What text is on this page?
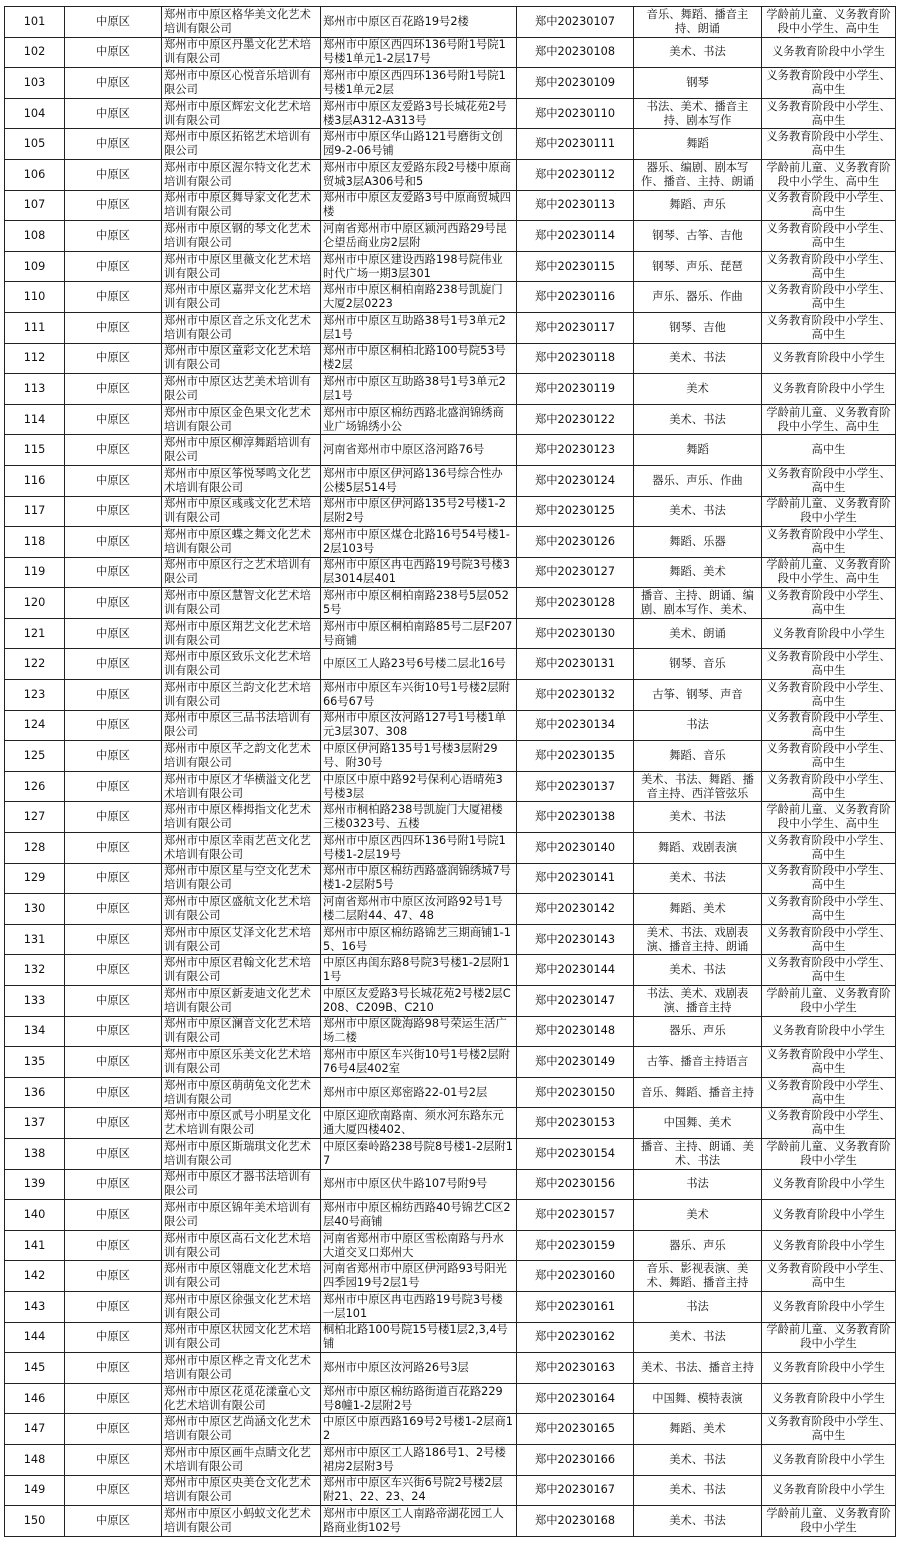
101	中原区	郑州市中原区格华美文化艺术培训有限公司	郑州市中原区百花路19号2楼	郑中20230107	音乐、舞蹈、播音主持、朗诵	学龄前儿童、义务教育阶段中小学生、高中生

102	中原区	郑州市中原区丹墨文化艺术培训有限公司	郑州市中原区西四环136号附1号院1号楼1单元1-2层17号	郑中20230108	美术、书法	义务教育阶段中小学生

103	中原区	郑州市中原区心悦音乐培训有限公司	郑州市中原区西四环136号附1号院1号楼1单元2层	郑中20230109	钢琴	义务教育阶段中小学生、高中生

104	中原区	郑州市中原区辉宏文化艺术培训有限公司	郑州市中原区友爱路3号长城花苑2号楼3层A312-A313号	郑中20230110	书法、美术、播音主持、剧本写作	义务教育阶段中小学生、高中生

105	中原区	郑州市中原区拓铭艺术培训有限公司	郑州市中原区华山路121号磨街文创园9-2-06号铺	郑中20230111	舞蹈	义务教育阶段中小学生、高中生

106	中原区	郑州市中原区渥尔特文化艺术培训有限公司	郑州市中原区友爱路东段2号楼中原商贸城3层A306号和5	郑中20230112	器乐、编剧、剧本写作、播音、主持、朗诵	学龄前儿童、义务教育阶段中小学生、高中生

107	中原区	郑州市中原区舞导家文化艺术培训有限公司	郑州市中原区友爱路3号中原商贸城四楼	郑中20230113	舞蹈、声乐	义务教育阶段中小学生、高中生

108	中原区	郑州市中原区钢的琴文化艺术培训有限公司	河南省郑州市中原区颍河西路29号昆仑望岳商业房2层附	郑中20230114	钢琴、古筝、吉他	义务教育阶段中小学生、高中生

109	中原区	郑州市中原区里薇文化艺术培训有限公司	郑州市中原区建设西路198号院伟业时代广场一期3层301	郑中20230115	钢琴、声乐、琵琶	义务教育阶段中小学生、高中生

110	中原区	郑州市中原区嘉羿文化艺术培训有限公司	郑州市中原区桐柏南路238号凯旋门大厦2层0223	郑中20230116	声乐、器乐、作曲	义务教育阶段中小学生、高中生

111	中原区	郑州市中原区音之乐文化艺术培训有限公司	郑州市中原区互助路38号1号3单元2层1号	郑中20230117	钢琴、吉他	义务教育阶段中小学生、高中生

112	中原区	郑州市中原区童彩文化艺术培训有限公司	郑州市中原区桐柏北路100号院53号楼2层	郑中20230118	美术、书法	义务教育阶段中小学生

113	中原区	郑州市中原区达艺美术培训有限公司	郑州市中原区互助路38号1号3单元2层1号	郑中20230119	美术	义务教育阶段中小学生

114	中原区	郑州市中原区金色果文化艺术培训有限公司	郑州市中原区棉纺西路北盛润锦绣商业广场锦绣小公	郑中20230122	美术、书法	学龄前儿童、义务教育阶段中小学生、高中生

115	中原区	郑州市中原区柳淳舞蹈培训有限公司	河南省郑州市中原区洛河路76号	郑中20230123	舞蹈	高中生

116	中原区	郑州市中原区筝悦琴鸣文化艺术培训有限公司	郑州市中原区伊河路136号综合性办公楼5层514号	郑中20230124	器乐、声乐、作曲	义务教育阶段中小学生、高中生

117	中原区	郑州市中原区彧彧文化艺术培训有限公司	郑州市中原区伊河路135号2号楼1-2层附2号	郑中20230125	美术、书法	学龄前儿童、义务教育阶段中小学生

118	中原区	郑州市中原区蝶之舞文化艺术培训有限公司	郑州市中原区煤仓北路16号54号楼1-2层103号	郑中20230126	舞蹈、乐器	义务教育阶段中小学生、高中生

119	中原区	郑州市中原区行之艺术培训有限公司	郑州市中原区冉屯西路19号院3号楼3层3014层401	郑中20230127	舞蹈、美术	学龄前儿童、义务教育阶段中小学生、高中生

120	中原区	郑州市中原区慧智文化艺术培训有限公司	郑州市中原区桐柏南路238号5层0525号	郑中20230128	播音、主持、朗诵、编剧、剧本写作、美术、	义务教育阶段中小学生、高中生

121	中原区	郑州市中原区翔艺文化艺术培训有限公司	郑州市中原区桐柏南路85号二层F207号商铺	郑中20230130	美术、朗诵	义务教育阶段中小学生

122	中原区	郑州市中原区致乐文化艺术培训有限公司	中原区工人路23号6号楼二层北16号	郑中20230131	钢琴、音乐	义务教育阶段中小学生、高中生

123	中原区	郑州市中原区兰韵文化艺术培训有限公司	郑州市中原区车兴街10号1号楼2层附66号67号	郑中20230132	古筝、钢琴、声音	义务教育阶段中小学生、高中生

124	中原区	郑州市中原区三品书法培训有限公司	郑州市中原区汝河路127号1号楼1单元3层307、308	郑中20230134	书法	义务教育阶段中小学生、高中生

125	中原区	郑州市中原区芊之韵文化艺术培训有限公司	中原区伊河路135号1号楼3层附29号、附30号	郑中20230135	舞蹈、音乐	义务教育阶段中小学生、高中生

126	中原区	郑州市中原区才华横溢文化艺术培训有限公司	中原区中原中路92号保利心语晴苑3号楼3层	郑中20230137	美术、书法、舞蹈、播音主持、西洋管弦乐	义务教育阶段中小学生、高中生

127	中原区	郑州市中原区棒拇指文化艺术培训有限公司	郑州市桐柏路238号凯旋门大厦裙楼三楼0323号、五楼	郑中20230138	美术、书法	学龄前儿童、义务教育阶段中小学生、高中生

128	中原区	郑州市中原区幸雨艺芭文化艺术培训有限公司	郑州市中原区西四环136号附1号院1号楼1-2层19号	郑中20230140	舞蹈、戏剧表演	义务教育阶段中小学生、高中生

129	中原区	郑州市中原区星与空文化艺术培训有限公司	郑州市中原区棉纺西路盛润锦绣城7号楼1-2层附5号	郑中20230141	美术、书法	义务教育阶段中小学生、高中生

130	中原区	郑州市中原区盛航文化艺术培训有限公司	河南省郑州市中原区汝河路92号1号楼二层附44、47、48	郑中20230142	舞蹈、美术	义务教育阶段中小学生、高中生

131	中原区	郑州市中原区艾泽文化艺术培训有限公司	郑州市中原区棉纺路锦艺三期商铺1-15、16号	郑中20230143	美术、书法、戏剧表演、播音主持、朗诵	义务教育阶段中小学生、高中生

132	中原区	郑州市中原区君翰文化艺术培训有限公司	中原区冉闺东路8号院3号楼1-2层附11号	郑中20230144	美术、书法	义务教育阶段中小学生、高中生

133	中原区	郑州市中原区新麦迪文化艺术培训有限公司	中原区友爱路3号长城花苑2号楼2层C208、C209B、C210	郑中20230147	书法、美术、戏剧表演、播音主持	学龄前儿童、义务教育阶段中小学生

134	中原区	郑州市中原区澜音文化艺术培训有限公司	郑州市中原区陇海路98号荣运生活广场二楼	郑中20230148	器乐、声乐	义务教育阶段中小学生

135	中原区	郑州市中原区乐美文化艺术培训有限公司	郑州市中原区车兴街10号1号楼2层附76号4层402室	郑中20230149	古筝、播音主持语言	义务教育阶段中小学生、高中生

136	中原区	郑州市中原区萌萌兔文化艺术培训有限公司	郑州市中原区郑密路22-01号2层	郑中20230150	音乐、舞蹈、播音主持	义务教育阶段中小学生、高中生

137	中原区	郑州市中原区贰号小明星文化艺术培训有限公司	中原区迎欣南路南、须水河东路东元通大厦四楼402、	郑中20230153	中国舞、美术	义务教育阶段中小学生、高中生

138	中原区	郑州市中原区斯瑞琪文化艺术培训有限公司	中原区秦岭路238号院8号楼1-2层附17	郑中20230154	播音、主持、朗诵、美术、书法	学龄前儿童、义务教育阶段中小学生

139	中原区	郑州市中原区才器书法培训有限公司	郑州市中原区伏牛路107号附9号	郑中20230156	书法	义务教育阶段中小学生

140	中原区	郑州市中原区锦年美术培训有限公司	郑州市中原区棉纺西路40号锦艺C区2层40号商铺	郑中20230157	美术	义务教育阶段中小学生

141	中原区	郑州市中原区高石文化艺术培训有限公司	河南省郑州市中原区雪松南路与丹水大道交叉口郑州大	郑中20230159	器乐、声乐	义务教育阶段中小学生

142	中原区	郑州市中原区翎鹿文化艺术培训有限公司	河南省郑州市中原区伊河路93号阳光四季园19号2层1号	郑中20230160	音乐、影视表演、美术、舞蹈、播音主持	义务教育阶段中小学生、高中生

143	中原区	郑州市中原区徐强文化艺术培训有限公司	郑州市中原区冉屯西路19号院3号楼一层101	郑中20230161	书法	义务教育阶段中小学生

144	中原区	郑州市中原区状园文化艺术培训有限公司	桐柏北路100号院15号楼1层2,3,4号铺	郑中20230162	美术、书法	学龄前儿童、义务教育阶段中小学生

145	中原区	郑州市中原区桦之青文化艺术培训有限公司	郑州市中原区汝河路26号3层	郑中20230163	美术、书法、播音主持	义务教育阶段中小学生

146	中原区	郑州市中原区花觅花漾童心文化艺术培训有限公司	郑州市中原区棉纺路街道百花路229号8幢1-2层附2号	郑中20230164	中国舞、模特表演	义务教育阶段中小学生

147	中原区	郑州市中原区艺尚涵文化艺术培训有限公司	中原区中原西路169号2号楼1-2层商12	郑中20230165	舞蹈、美术	义务教育阶段中小学生、高中生

148	中原区	郑州市中原区画牛点睛文化艺术培训有限公司	郑州市中原区工人路186号1、2号楼裙房2层附3号	郑中20230166	美术、书法	义务教育阶段中小学生

149	中原区	郑州市中原区央美仓文化艺术培训有限公司	郑州市中原区车兴街6号院2号楼2层附21、22、23、24	郑中20230167	美术、书法	义务教育阶段中小学生

150	中原区	郑州市中原区小蚂蚁文化艺术培训有限公司	郑州市中原区工人南路帝湖花园工人路商业街102号	郑中20230168	美术、书法	学龄前儿童、义务教育阶段中小学生
